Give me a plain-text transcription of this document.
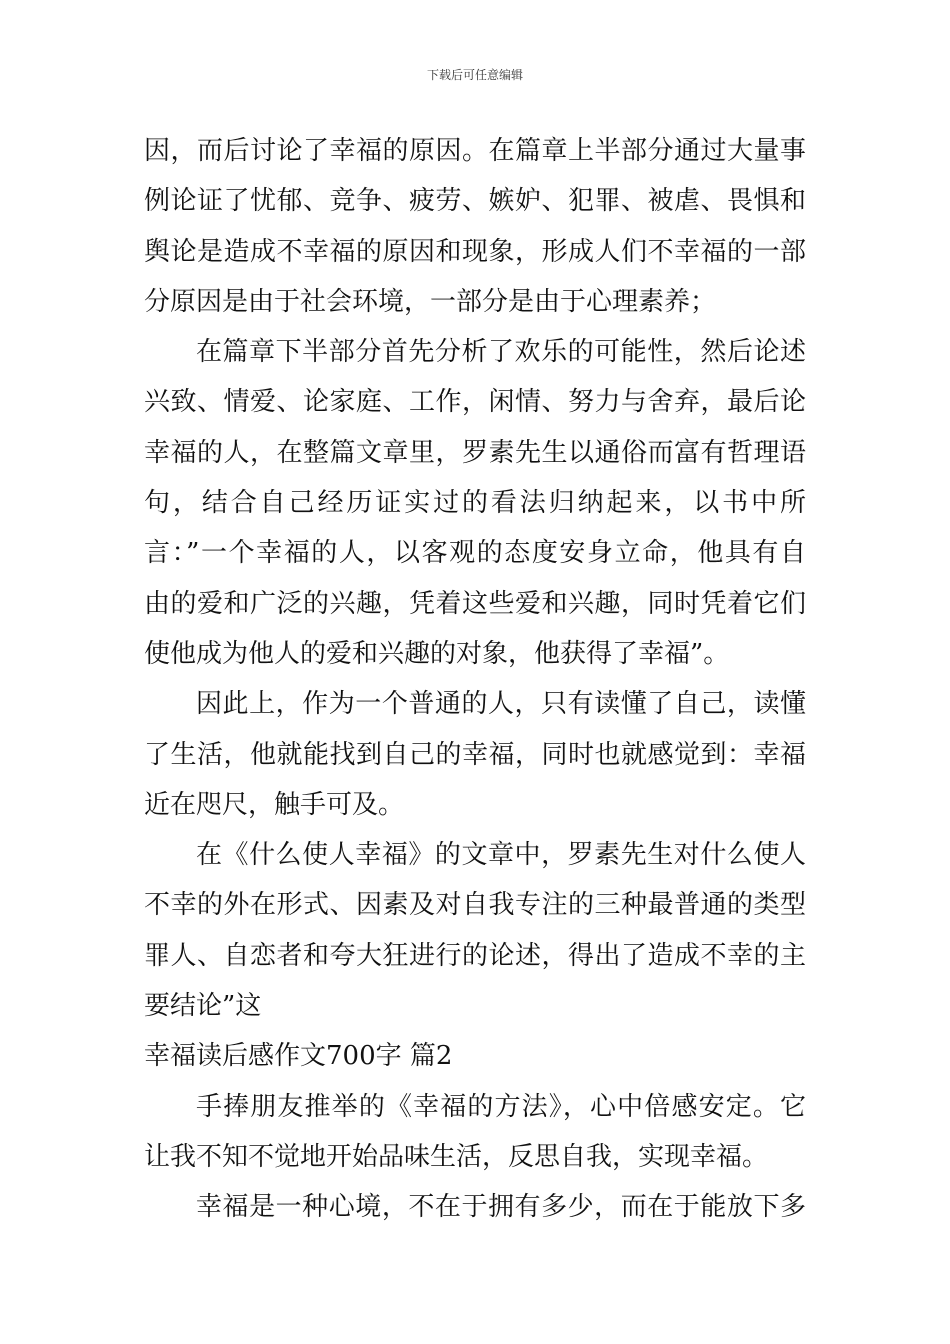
下载后可任意编辑
因，而后讨论了幸福的原因。在篇章上半部分通过大量事
例论证了忧郁、竞争、疲劳、嫉妒、犯罪、被虐、畏惧和
舆论是造成不幸福的原因和现象，形成人们不幸福的一部
分原因是由于社会环境，一部分是由于心理素养；
在篇章下半部分首先分析了欢乐的可能性，然后论述
兴致、情爱、论家庭、工作，闲情、努力与舍弃，最后论
幸福的人，在整篇文章里，罗素先生以通俗而富有哲理语
句，结合自己经历证实过的看法归纳起来，以书中所
言：”一个幸福的人，以客观的态度安身立命，他具有自
由的爱和广泛的兴趣，凭着这些爱和兴趣，同时凭着它们
使他成为他人的爱和兴趣的对象，他获得了幸福”。
因此上，作为一个普通的人，只有读懂了自己，读懂
了生活，他就能找到自己的幸福，同时也就感觉到：幸福
近在咫尺，触手可及。
在《什么使人幸福》的文章中，罗素先生对什么使人
不幸的外在形式、因素及对自我专注的三种最普通的类型
罪人、自恋者和夸大狂进行的论述，得出了造成不幸的主
要结论”这
幸福读后感作文700字 篇2
手捧朋友推举的《幸福的方法》，心中倍感安定。它
让我不知不觉地开始品味生活，反思自我，实现幸福。
幸福是一种心境，不在于拥有多少，而在于能放下多
